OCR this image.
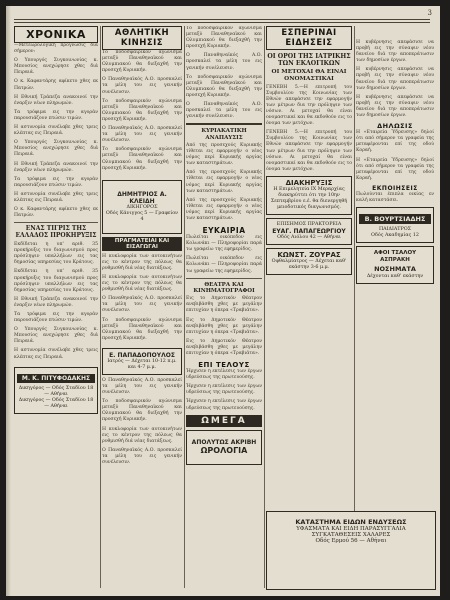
3
ΧΡΟΝΙΚΑ

—Μετεωρολογική πρόγνωσις διά σήμερον:

Ο Υπουργός Συγκοινωνίας κ. Μπουσίος ανεχώρησε χθες διά Πειραιά.

Ο κ. Καφαντάρης αφίκετο χθες εκ Πατρών.

Η Εθνική Τράπεζα ανακοινοί την έναρξιν νέων πληρωμών.

Τα τρόφιμα εις την αγοράν παρουσιάζουν πτώσιν τιμών.

Η αστυνομία συνέλαβε χθες τρεις κλέπτας εις Πειραιά.

Ο Υπουργός Συγκοινωνίας κ. Μπουσίος ανεχώρησε χθες διά Πειραιά.

Η Εθνική Τράπεζα ανακοινοί την έναρξιν νέων πληρωμών.

Τα τρόφιμα εις την αγοράν παρουσιάζουν πτώσιν τιμών.

Η αστυνομία συνέλαβε χθες τρεις κλέπτας εις Πειραιά.

Ο κ. Καφαντάρης αφίκετο χθες εκ Πατρών.

ΕΝΑΣ ΤΙΓΡΙΣ ΤΗΣ ΕΛΛΑΔΟΣ ΠΡΟΚΗΡΥΞΙΣ

Εκδίδεται η υπ' αριθ. 35 προκήρυξις του διαγωνισμού προς πρόσληψιν υπαλλήλων εις τας δημοσίας υπηρεσίας του Κράτους.

Εκδίδεται η υπ' αριθ. 35 προκήρυξις του διαγωνισμού προς πρόσληψιν υπαλλήλων εις τας δημοσίας υπηρεσίας του Κράτους.

Η Εθνική Τράπεζα ανακοινοί την έναρξιν νέων πληρωμών.

Τα τρόφιμα εις την αγοράν παρουσιάζουν πτώσιν τιμών.

Ο Υπουργός Συγκοινωνίας κ. Μπουσίος ανεχώρησε χθες διά Πειραιά.

Η αστυνομία συνέλαβε χθες τρεις κλέπτας εις Πειραιά.

Μ. Κ. ΠΙΤΥΦΟΔΑΚΗΣ
Δικηγόρος — Οδός Σταδίου 18 — Αθήναι
Δικηγόρος — Οδός Σταδίου 18 — Αθήναι
ΑΘΛΗΤΙΚΗ ΚΙΝΗΣΙΣ

Το ποδοσφαιρικόν αγώνισμα μεταξύ Παναθηναϊκού και Ολυμπιακού θα διεξαχθή την προσεχή Κυριακήν.

Ο Παναθηναϊκός Α.Ο. προσκαλεί τα μέλη του εις γενικήν συνέλευσιν.

Το ποδοσφαιρικόν αγώνισμα μεταξύ Παναθηναϊκού και Ολυμπιακού θα διεξαχθή την προσεχή Κυριακήν.

Ο Παναθηναϊκός Α.Ο. προσκαλεί τα μέλη του εις γενικήν συνέλευσιν.

Το ποδοσφαιρικόν αγώνισμα μεταξύ Παναθηναϊκού και Ολυμπιακού θα διεξαχθή την προσεχή Κυριακήν.

ΔΗΜΗΤΡΙΟΣ Α. ΚΛΕΙΔΗ
ΔΙΚΗΓΟΡΟΣ
Οδός Κάνιγγος 5 — Γραφείον 4
ΠΡΑΓΜΑΤΕΙΑΙ ΚΑΙ ΕΙΣΑΓΩΓΑΙ

Η κυκλοφορία των αυτοκινήτων εις το κέντρον της πόλεως θα ρυθμισθή διά νέας διατάξεως.

Η κυκλοφορία των αυτοκινήτων εις το κέντρον της πόλεως θα ρυθμισθή διά νέας διατάξεως.

Ο Παναθηναϊκός Α.Ο. προσκαλεί τα μέλη του εις γενικήν συνέλευσιν.

Το ποδοσφαιρικόν αγώνισμα μεταξύ Παναθηναϊκού και Ολυμπιακού θα διεξαχθή την προσεχή Κυριακήν.

Ε. ΠΑΠΑΔΟΠΟΥΛΟΣ
Ιατρός — Δέχεται 10-12 π.μ. και 4-7 μ.μ.

Ο Παναθηναϊκός Α.Ο. προσκαλεί τα μέλη του εις γενικήν συνέλευσιν.

Το ποδοσφαιρικόν αγώνισμα μεταξύ Παναθηναϊκού και Ολυμπιακού θα διεξαχθή την προσεχή Κυριακήν.

Η κυκλοφορία των αυτοκινήτων εις το κέντρον της πόλεως θα ρυθμισθή διά νέας διατάξεως.

Ο Παναθηναϊκός Α.Ο. προσκαλεί τα μέλη του εις γενικήν συνέλευσιν.

Το ποδοσφαιρικόν αγώνισμα μεταξύ Παναθηναϊκού και Ολυμπιακού θα διεξαχθή την προσεχή Κυριακήν.

Ο Παναθηναϊκός Α.Ο. προσκαλεί τα μέλη του εις γενικήν συνέλευσιν.

Το ποδοσφαιρικόν αγώνισμα μεταξύ Παναθηναϊκού και Ολυμπιακού θα διεξαχθή την προσεχή Κυριακήν.

Ο Παναθηναϊκός Α.Ο. προσκαλεί τα μέλη του εις γενικήν συνέλευσιν.

ΚΥΡΙΑΚΑΤΙΚΗ ΑΝΑΠΑΥΣΙΣ

Από της προσεχούς Κυριακής τίθεται εις εφαρμογήν ο νέος νόμος περί Κυριακής αργίας των καταστημάτων.

Από της προσεχούς Κυριακής τίθεται εις εφαρμογήν ο νέος νόμος περί Κυριακής αργίας των καταστημάτων.

Από της προσεχούς Κυριακής τίθεται εις εφαρμογήν ο νέος νόμος περί Κυριακής αργίας των καταστημάτων.

ΕΥΚΑΙΡΙΑ

Πωλείται οικόπεδον εις Κολωνάκι — Πληροφορίαι παρά τω γραφείω της εφημερίδος.

Πωλείται οικόπεδον εις Κολωνάκι — Πληροφορίαι παρά τω γραφείω της εφημερίδος.

ΘΕΑΤΡΑ ΚΑΙ ΚΙΝΗΜΑΤΟΓΡΑΦΟΙ

Εις το Δημοτικόν Θέατρον ανεβιβάσθη χθες με μεγάλην επιτυχίαν η όπερα «Τραβιάτα».

Εις το Δημοτικόν Θέατρον ανεβιβάσθη χθες με μεγάλην επιτυχίαν η όπερα «Τραβιάτα».

Εις το Δημοτικόν Θέατρον ανεβιβάσθη χθες με μεγάλην επιτυχίαν η όπερα «Τραβιάτα».

ΕΠΙ ΤΕΛΟΥΣ

Ήρχισεν η εκτέλεσις των έργων υδρεύσεως της πρωτευούσης.

Ήρχισεν η εκτέλεσις των έργων υδρεύσεως της πρωτευούσης.

Ήρχισεν η εκτέλεσις των έργων υδρεύσεως της πρωτευούσης.

ΩΜΕΓΑ
ΑΠΟΛΥΤΩΣ ΑΚΡΙΒΗ
ΩΡΟΛΟΓΙΑ
ΕΣΠΕΡΙΝΑΙ ΕΙΔΗΣΕΙΣ
ΟΙ ΟΡΟΙ ΤΗΣ ΙΑΤΡΙΚΗΣ ΤΩΝ ΕΚΛΟΓΙΚΩΝ
ΟΙ ΜΕΤΟΧΑΙ ΘΑ ΕΙΝΑΙ ΟΝΟΜΑΣΤΙΚΑΙ

ΓΕΝΕΒΗ 5.—Η επιτροπή του Συμβουλίου της Κοινωνίας των Εθνών απεφάσισε την εφαρμογήν των μέτρων δια την πρόληψιν των νόσων. Αι μετοχαί θα είναι ονομαστικαί και θα εκδοθούν εις το όνομα των μετόχων.

ΓΕΝΕΒΗ 5.—Η επιτροπή του Συμβουλίου της Κοινωνίας των Εθνών απεφάσισε την εφαρμογήν των μέτρων δια την πρόληψιν των νόσων. Αι μετοχαί θα είναι ονομαστικαί και θα εκδοθούν εις το όνομα των μετόχων.

ΔΙΑΚΗΡΥΞΙΣ
Η Επιμελητεία ΙΧ Μεραρχίας διακηρύττει ότι την 10ην Σεπτεμβρίου ε.έ. θα διενεργηθή μειοδοτικός διαγωνισμός.
ΕΠΙΣΗΜΟΣ ΠΡΑΚΤΟΡΕΙΑ
ΕΥΑΓ. ΠΑΠΑΓΕΩΡΓΙΟΥ
Οδός Αιόλου 42 — Αθήναι
ΚΩΝΣΤ. ΖΟΥΡΑΣ
Οφθαλμίατρος — Δέχεται καθ' εκάστην 3-6 μ.μ.

Η κυβέρνησις απεφάσισε να προβή εις την σύναψιν νέου δανείου διά την αποπεράτωσιν των δημοσίων έργων.

Η κυβέρνησις απεφάσισε να προβή εις την σύναψιν νέου δανείου διά την αποπεράτωσιν των δημοσίων έργων.

Η κυβέρνησις απεφάσισε να προβή εις την σύναψιν νέου δανείου διά την αποπεράτωσιν των δημοσίων έργων.

ΔΗΛΩΣΙΣ

Η «Εταιρεία Ύδρευσης» δηλοί ότι από σήμερον τα γραφεία της μεταφέρονται επί της οδού Κοραή.

Η «Εταιρεία Ύδρευσης» δηλοί ότι από σήμερον τα γραφεία της μεταφέρονται επί της οδού Κοραή.

ΕΚΠΟΙΗΣΕΙΣ

Πωλούνται έπιπλα οικίας εν καλή καταστάσει.

Β. ΒΟΥΡΤΣΙΑΔΗΣ
ΠΑΙΔΙΑΤΡΟΣ
Οδός Ακαδημίας 12
ΑΦΟΙ ΤΣΑΛΟΥ ΑΣΠΡΑΚΗ
ΝΟΣΗΜΑΤΑ
Δέχονται καθ' εκάστην
ΚΑΤΑΣΤΗΜΑ ΕΙΔΩΝ ΕΝΔΥΣΕΩΣ
ΥΦΑΣΜΑΤΑ ΚΑΙ ΕΙΔΗ ΠΑΡΑΣΥΓΓΑΛΙΑ
ΣΥΓΚΑΤΑΘΕΣΕΙΣ ΧΑΛΑΡΕΣ
Οδός Ερμού 56 — Αθήναι
